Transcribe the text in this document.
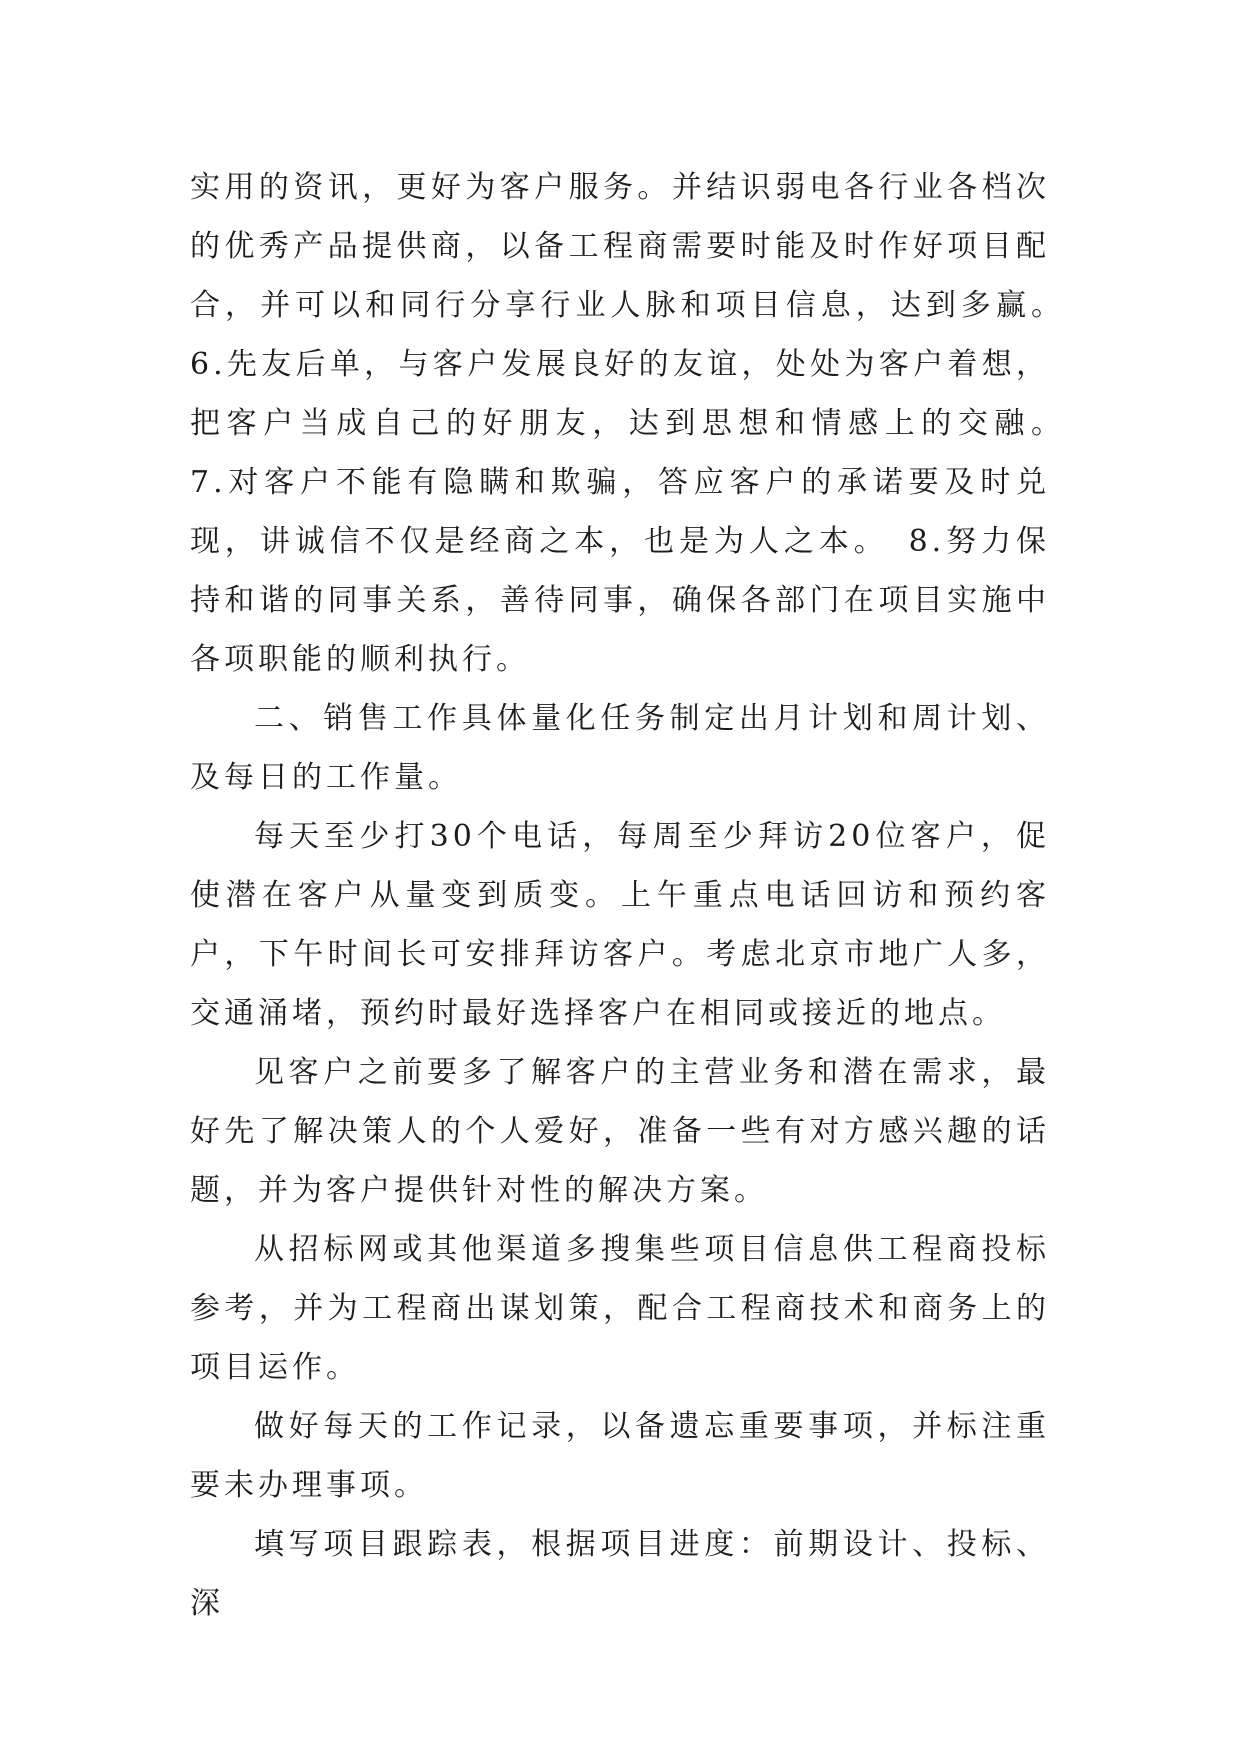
实用的资讯，更好为客户服务。并结识弱电各行业各档次的优秀产品提供商，以备工程商需要时能及时作好项目配合，并可以和同行分享行业人脉和项目信息，达到多赢。　6.先友后单，与客户发展良好的友谊，处处为客户着想，把客户当成自己的好朋友，达到思想和情感上的交融。　7.对客户不能有隐瞒和欺骗，答应客户的承诺要及时兑现，讲诚信不仅是经商之本，也是为人之本。　8.努力保持和谐的同事关系，善待同事，确保各部门在项目实施中各项职能的顺利执行。

二、销售工作具体量化任务制定出月计划和周计划、及每日的工作量。

每天至少打30个电话，每周至少拜访20位客户，促使潜在客户从量变到质变。上午重点电话回访和预约客户，下午时间长可安排拜访客户。考虑北京市地广人多，交通涌堵，预约时最好选择客户在相同或接近的地点。

见客户之前要多了解客户的主营业务和潜在需求，最好先了解决策人的个人爱好，准备一些有对方感兴趣的话题，并为客户提供针对性的解决方案。

从招标网或其他渠道多搜集些项目信息供工程商投标参考，并为工程商出谋划策，配合工程商技术和商务上的项目运作。

做好每天的工作记录，以备遗忘重要事项，并标注重要未办理事项。

填写项目跟踪表，根据项目进度：前期设计、投标、深
